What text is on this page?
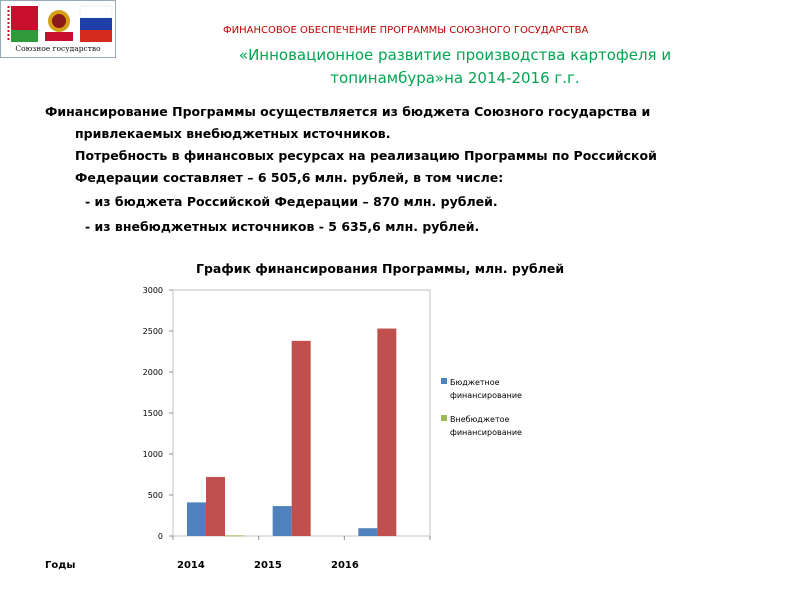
Союзное государство
ФИНАНСОВОЕ ОБЕСПЕЧЕНИЕ ПРОГРАММЫ СОЮЗНОГО ГОСУДАРСТВА
«Инновационное развитие производства картофеля и
топинамбура»на 2014-2016 г.г.

Финансирование Программы осуществляется из бюджета Союзного государства и привлекаемых внебюджетных источников.

Потребность в финансовых ресурсах на реализацию Программы по Российской Федерации составляет – 6 505,6 млн. рублей, в том числе:

- из бюджета Российской Федерации – 870 млн. рублей.

- из внебюджетных источников - 5 635,6 млн. рублей.

График финансирования Программы, млн. рублей
0
500
1000
1500
2000
2500
3000
Бюджетное
финансирование
Внебюджетое
финансирование
Годы	2014	2015	2016
